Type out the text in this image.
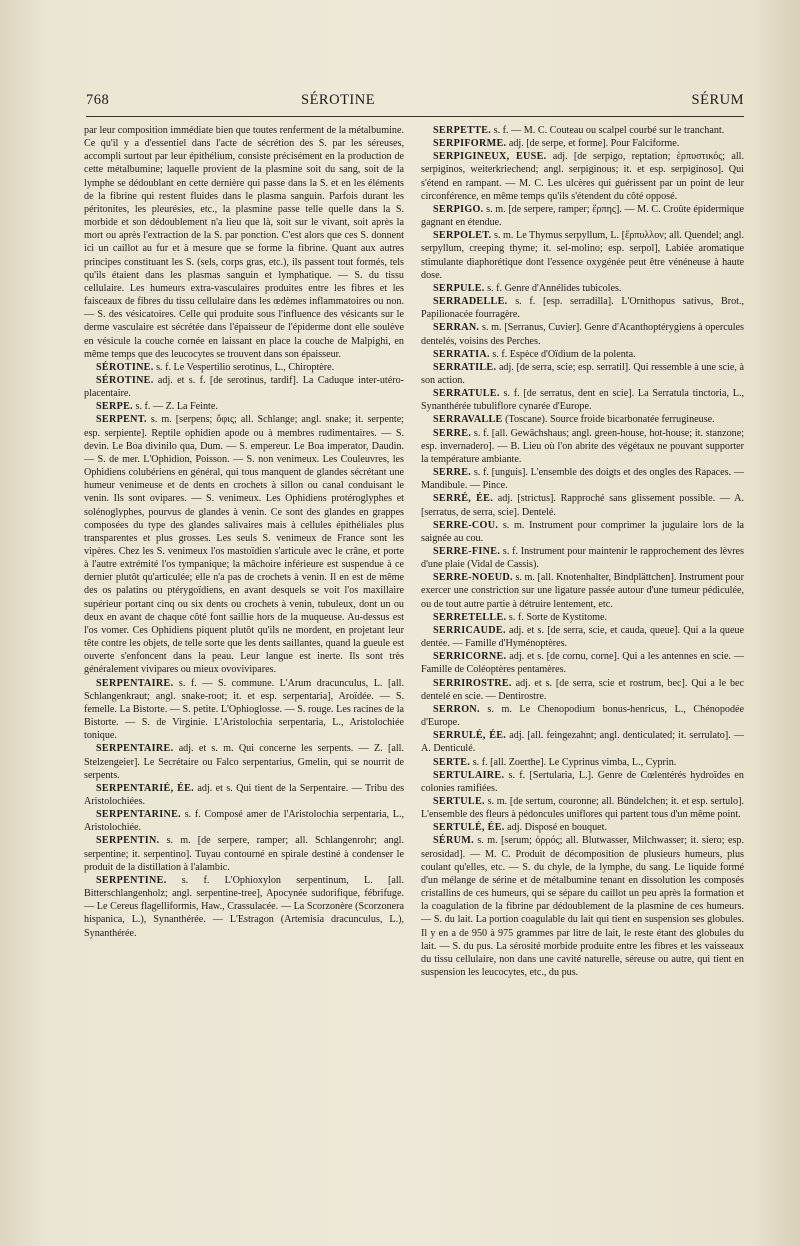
768	SÉROTINE	SÉRUM

par leur composition immédiate bien que toutes renferment de la métalbumine. Ce qu'il y a d'essentiel dans l'acte de sécrétion des S. par les séreuses, accompli surtout par leur épithélium, consiste précisément en la production de cette métalbumine; laquelle provient de la plasmine soit du sang, soit de la lymphe se dédoublant en cette dernière qui passe dans la S. et en les éléments de la fibrine qui restent fluides dans le plasma sanguin. Parfois durant les péritonites, les pleurésies, etc., la plasmine passe telle quelle dans la S. morbide et son dédoublement n'a lieu que là, soit sur le vivant, soit après la mort ou après l'extraction de la S. par ponction. C'est alors que ces S. donnent ici un caillot au fur et à mesure que se forme la fibrine. Quant aux autres principes constituant les S. (sels, corps gras, etc.), ils passent tout formés, tels qu'ils étaient dans les plasmas sanguin et lymphatique. — S. du tissu cellulaire. Les humeurs extra-vasculaires produites entre les fibres et les faisceaux de fibres du tissu cellulaire dans les œdèmes inflammatoires ou non. — S. des vésicatoires. Celle qui produite sous l'influence des vésicants sur le derme vasculaire est sécrétée dans l'épaisseur de l'épiderme dont elle soulève en vésicule la couche cornée en laissant en place la couche de Malpighi, en même temps que des leucocytes se trouvent dans son épaisseur.

SÉROTINE. s. f. Le Vespertilio serotinus, L., Chiroptère.

SÉROTINE. adj. et s. f. [de serotinus, tardif]. La Caduque inter-utéro-placentaire.

SERPE. s. f. — Z. La Feinte.

SERPENT. s. m. [serpens; ὄφις; all. Schlange; angl. snake; it. serpente; esp. serpiente]. Reptile ophidien apode ou à membres rudimentaires. — S. devin. Le Boa divinilo qua, Dum. — S. empereur. Le Boa imperator, Daudin. — S. de mer. L'Ophidion, Poisson. — S. non venimeux. Les Couleuvres, les Ophidiens colubériens en général, qui tous manquent de glandes sécrétant une humeur venimeuse et de dents en crochets à sillon ou canal conduisant le venin. Ils sont ovipares. — S. venimeux. Les Ophidiens protéroglyphes et solénoglyphes, pourvus de glandes à venin. Ce sont des glandes en grappes composées du type des glandes salivaires mais à cellules épithéliales plus transparentes et plus grosses. Les seuls S. venimeux de France sont les vipères. Chez les S. venimeux l'os mastoïdien s'articule avec le crâne, et porte à l'autre extrémité l'os tympanique; la mâchoire inférieure est suspendue à ce dernier plutôt qu'articulée; elle n'a pas de crochets à venin. Il en est de même des os palatins ou ptérygoïdiens, en avant desquels se voit l'os maxillaire supérieur portant cinq ou six dents ou crochets à venin, tubuleux, dont un ou deux en avant de chaque côté font saillie hors de la muqueuse. Au-dessus est l'os vomer. Ces Ophidiens piquent plutôt qu'ils ne mordent, en projetant leur tête contre les objets, de telle sorte que les dents saillantes, quand la gueule est ouverte s'enfoncent dans la peau. Leur langue est inerte. Ils sont très généralement vivipares ou mieux ovovivipares.

SERPENTAIRE. s. f. — S. commune. L'Arum dracunculus, L. [all. Schlangenkraut; angl. snake-root; it. et esp. serpentaria], Aroïdée. — S. femelle. La Bistorte. — S. petite. L'Ophioglosse. — S. rouge. Les racines de la Bistorte. — S. de Virginie. L'Aristolochia serpentaria, L., Aristolochiée tonique.

SERPENTAIRE. adj. et s. m. Qui concerne les serpents. — Z. [all. Stelzengeier]. Le Secrétaire ou Falco serpentarius, Gmelin, qui se nourrit de serpents.

SERPENTARIÉ, ÉE. adj. et s. Qui tient de la Serpentaire. — Tribu des Aristolochiées.

SERPENTARINE. s. f. Composé amer de l'Aristolochia serpentaria, L., Aristolochiée.

SERPENTIN. s. m. [de serpere, ramper; all. Schlangenrohr; angl. serpentine; it. serpentino]. Tuyau contourné en spirale destiné à condenser le produit de la distillation à l'alambic.

SERPENTINE. s. f. L'Ophioxylon serpentinum, L. [all. Bitterschlangenholz; angl. serpentine-tree], Apocynée sudorifique, fébrifuge. — Le Cereus flagelliformis, Haw., Crassulacée. — La Scorzonère (Scorzonera hispanica, L.), Synanthérée. — L'Estragon (Artemisia dracunculus, L.), Synanthérée.

SERPETTE. s. f. — M. C. Couteau ou scalpel courbé sur le tranchant.

SERPIFORME. adj. [de serpe, et forme]. Pour Falciforme.

SERPIGINEUX, EUSE. adj. [de serpigo, reptation; ἑρπυστικός; all. serpiginos, weiterkriechend; angl. serpiginous; it. et esp. serpiginoso]. Qui s'étend en rampant. — M. C. Les ulcères qui guérissent par un point de leur circonférence, en même temps qu'ils s'étendent du côté opposé.

SERPIGO. s. m. [de serpere, ramper; ἕρπης]. — M. C. Croûte épidermique gagnant en étendue.

SERPOLET. s. m. Le Thymus serpyllum, L. [ἕρπυλλον; all. Quendel; angl. serpyllum, creeping thyme; it. sel-molino; esp. serpol], Labiée aromatique stimulante diaphorétique dont l'essence oxygénée peut être vénéneuse à haute dose.

SERPULE. s. f. Genre d'Annélides tubicoles.

SERRADELLE. s. f. [esp. serradilla]. L'Ornithopus sativus, Brot., Papilionacée fourragère.

SERRAN. s. m. [Serranus, Cuvier]. Genre d'Acanthoptérygiens à opercules dentelés, voisins des Perches.

SERRATIA. s. f. Espèce d'Oïdium de la polenta.

SERRATILE. adj. [de serra, scie; esp. serratil]. Qui ressemble à une scie, à son action.

SERRATULE. s. f. [de serratus, dent en scie]. La Serratula tinctoria, L., Synanthérée tubuliflore cynarée d'Europe.

SERRAVALLE (Toscane). Source froide bicarbonatée ferrugineuse.

SERRE. s. f. [all. Gewächshaus; angl. green-house, hot-house; it. stanzone; esp. invernadero]. — B. Lieu où l'on abrite des végétaux ne pouvant supporter la température ambiante.

SERRE. s. f. [unguis]. L'ensemble des doigts et des ongles des Rapaces. — Mandibule. — Pince.

SERRÉ, ÉE. adj. [strictus]. Rapproché sans glissement possible. — A. [serratus, de serra, scie]. Dentelé.

SERRE-COU. s. m. Instrument pour comprimer la jugulaire lors de la saignée au cou.

SERRE-FINE. s. f. Instrument pour maintenir le rapprochement des lèvres d'une plaie (Vidal de Cassis).

SERRE-NOEUD. s. m. [all. Knotenhalter, Bindplättchen]. Instrument pour exercer une constriction sur une ligature passée autour d'une tumeur pédiculée, ou de tout autre partie à détruire lentement, etc.

SERRETELLE. s. f. Sorte de Kystitome.

SERRICAUDE. adj. et s. [de serra, scie, et cauda, queue]. Qui a la queue dentée. — Famille d'Hyménoptères.

SERRICORNE. adj. et s. [de cornu, corne]. Qui a les antennes en scie. — Famille de Coléoptères pentamères.

SERRIROSTRE. adj. et s. [de serra, scie et rostrum, bec]. Qui a le bec dentelé en scie. — Dentirostre.

SERRON. s. m. Le Chenopodium bonus-henricus, L., Chénopodée d'Europe.

SERRULÉ, ÉE. adj. [all. feingezahnt; angl. denticulated; it. serrulato]. — A. Denticulé.

SERTE. s. f. [all. Zoerthe]. Le Cyprinus vimba, L., Cyprin.

SERTULAIRE. s. f. [Sertularia, L.]. Genre de Cœlentérés hydroïdes en colonies ramifiées.

SERTULE. s. m. [de sertum, couronne; all. Bündelchen; it. et esp. sertulo]. L'ensemble des fleurs à pédoncules uniflores qui partent tous d'un même point.

SERTULÉ, ÉE. adj. Disposé en bouquet.

SÉRUM. s. m. [serum; ὀρρός; all. Blutwasser, Milchwasser; it. siero; esp. serosidad]. — M. C. Produit de décomposition de plusieurs humeurs, plus coulant qu'elles, etc. — S. du chyle, de la lymphe, du sang. Le liquide formé d'un mélange de sérine et de métalbumine tenant en dissolution les composés cristallins de ces humeurs, qui se sépare du caillot un peu après la formation et la coagulation de la fibrine par dédoublement de la plasmine de ces humeurs. — S. du lait. La portion coagulable du lait qui tient en suspension ses globules. Il y en a de 950 à 975 grammes par litre de lait, le reste étant des globules du lait. — S. du pus. La sérosité morbide produite entre les fibres et les vaisseaux du tissu cellulaire, non dans une cavité naturelle, séreuse ou autre, qui tient en suspension les leucocytes, etc., du pus.
